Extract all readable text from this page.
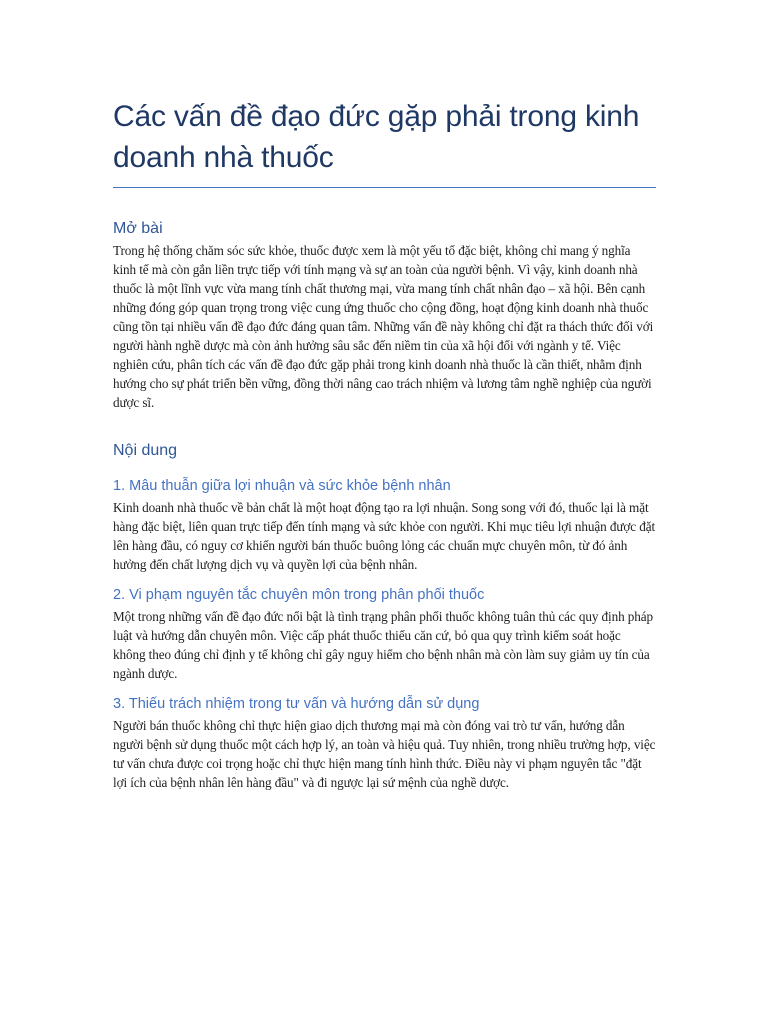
Các vấn đề đạo đức gặp phải trong kinh doanh nhà thuốc
Mở bài

Trong hệ thống chăm sóc sức khỏe, thuốc được xem là một yếu tố đặc biệt, không chỉ mang ý nghĩa kinh tế mà còn gắn liền trực tiếp với tính mạng và sự an toàn của người bệnh. Vì vậy, kinh doanh nhà thuốc là một lĩnh vực vừa mang tính chất thương mại, vừa mang tính chất nhân đạo – xã hội. Bên cạnh những đóng góp quan trọng trong việc cung ứng thuốc cho cộng đồng, hoạt động kinh doanh nhà thuốc cũng tồn tại nhiều vấn đề đạo đức đáng quan tâm. Những vấn đề này không chỉ đặt ra thách thức đối với người hành nghề dược mà còn ảnh hưởng sâu sắc đến niềm tin của xã hội đối với ngành y tế. Việc nghiên cứu, phân tích các vấn đề đạo đức gặp phải trong kinh doanh nhà thuốc là cần thiết, nhằm định hướng cho sự phát triển bền vững, đồng thời nâng cao trách nhiệm và lương tâm nghề nghiệp của người dược sĩ.

Nội dung
1. Mâu thuẫn giữa lợi nhuận và sức khỏe bệnh nhân

Kinh doanh nhà thuốc về bản chất là một hoạt động tạo ra lợi nhuận. Song song với đó, thuốc lại là mặt hàng đặc biệt, liên quan trực tiếp đến tính mạng và sức khỏe con người. Khi mục tiêu lợi nhuận được đặt lên hàng đầu, có nguy cơ khiến người bán thuốc buông lỏng các chuẩn mực chuyên môn, từ đó ảnh hưởng đến chất lượng dịch vụ và quyền lợi của bệnh nhân.

2. Vi phạm nguyên tắc chuyên môn trong phân phối thuốc

Một trong những vấn đề đạo đức nổi bật là tình trạng phân phối thuốc không tuân thủ các quy định pháp luật và hướng dẫn chuyên môn. Việc cấp phát thuốc thiếu căn cứ, bỏ qua quy trình kiểm soát hoặc không theo đúng chỉ định y tế không chỉ gây nguy hiểm cho bệnh nhân mà còn làm suy giảm uy tín của ngành dược.

3. Thiếu trách nhiệm trong tư vấn và hướng dẫn sử dụng

Người bán thuốc không chỉ thực hiện giao dịch thương mại mà còn đóng vai trò tư vấn, hướng dẫn người bệnh sử dụng thuốc một cách hợp lý, an toàn và hiệu quả. Tuy nhiên, trong nhiều trường hợp, việc tư vấn chưa được coi trọng hoặc chỉ thực hiện mang tính hình thức. Điều này vi phạm nguyên tắc "đặt lợi ích của bệnh nhân lên hàng đầu" và đi ngược lại sứ mệnh của nghề dược.
